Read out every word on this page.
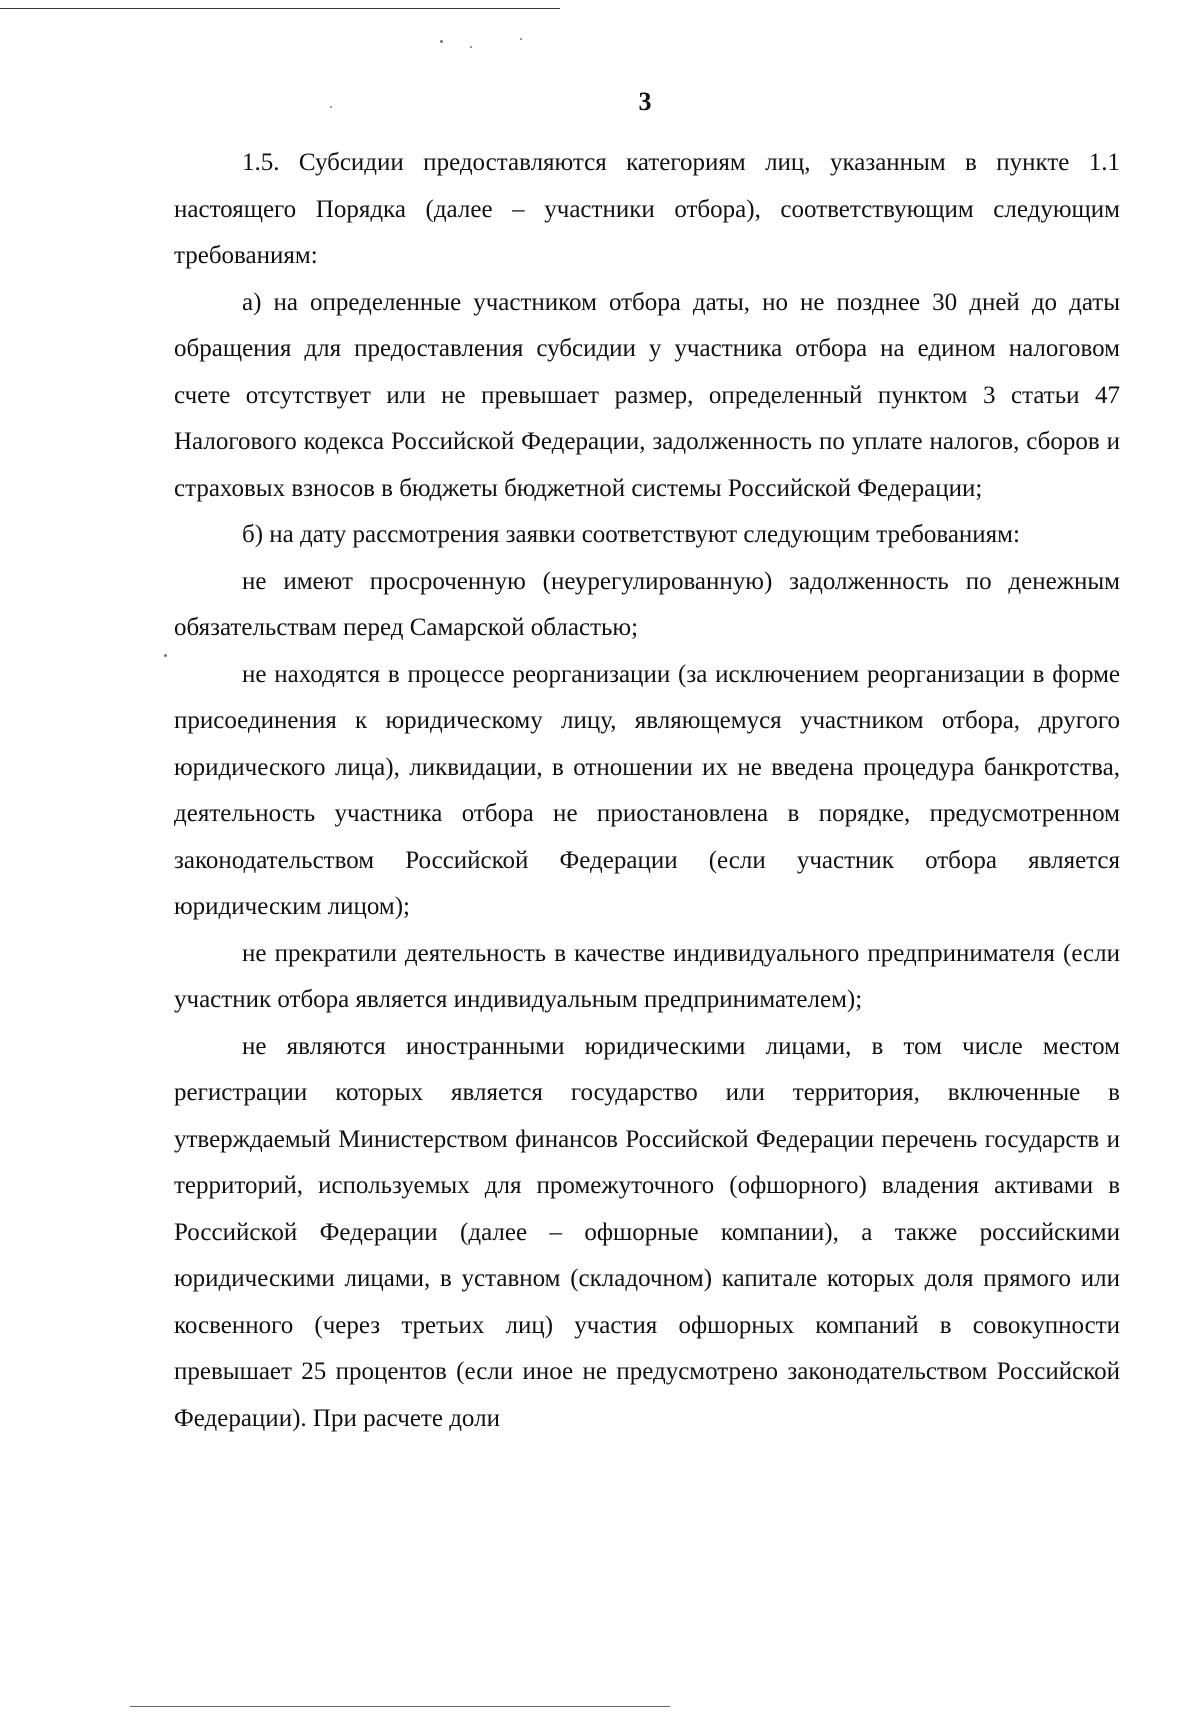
3

1.5. Субсидии предоставляются категориям лиц, указанным в пункте 1.1 настоящего Порядка (далее – участники отбора), соответствующим следующим требованиям:

а) на определенные участником отбора даты, но не позднее 30 дней до даты обращения для предоставления субсидии у участника отбора на едином налоговом счете отсутствует или не превышает размер, определенный пунктом 3 статьи 47 Налогового кодекса Российской Федерации, задолженность по уплате налогов, сборов и страховых взносов в бюджеты бюджетной системы Российской Федерации;

б) на дату рассмотрения заявки соответствуют следующим требованиям:

не имеют просроченную (неурегулированную) задолженность по денежным обязательствам перед Самарской областью;

не находятся в процессе реорганизации (за исключением реорганизации в форме присоединения к юридическому лицу, являющемуся участником отбора, другого юридического лица), ликвидации, в отношении их не введена процедура банкротства, деятельность участника отбора не приостановлена в порядке, предусмотренном законодательством Российской Федерации (если участник отбора является юридическим лицом);

не прекратили деятельность в качестве индивидуального предпринимателя (если участник отбора является индивидуальным предпринимателем);

не являются иностранными юридическими лицами, в том числе местом регистрации которых является государство или территория, включенные в утверждаемый Министерством финансов Российской Федерации перечень государств и территорий, используемых для промежуточного (офшорного) владения активами в Российской Федерации (далее – офшорные компании), а также российскими юридическими лицами, в уставном (складочном) капитале которых доля прямого или косвенного (через третьих лиц) участия офшорных компаний в совокупности превышает 25 процентов (если иное не предусмотрено законодательством Российской Федерации). При расчете доли
